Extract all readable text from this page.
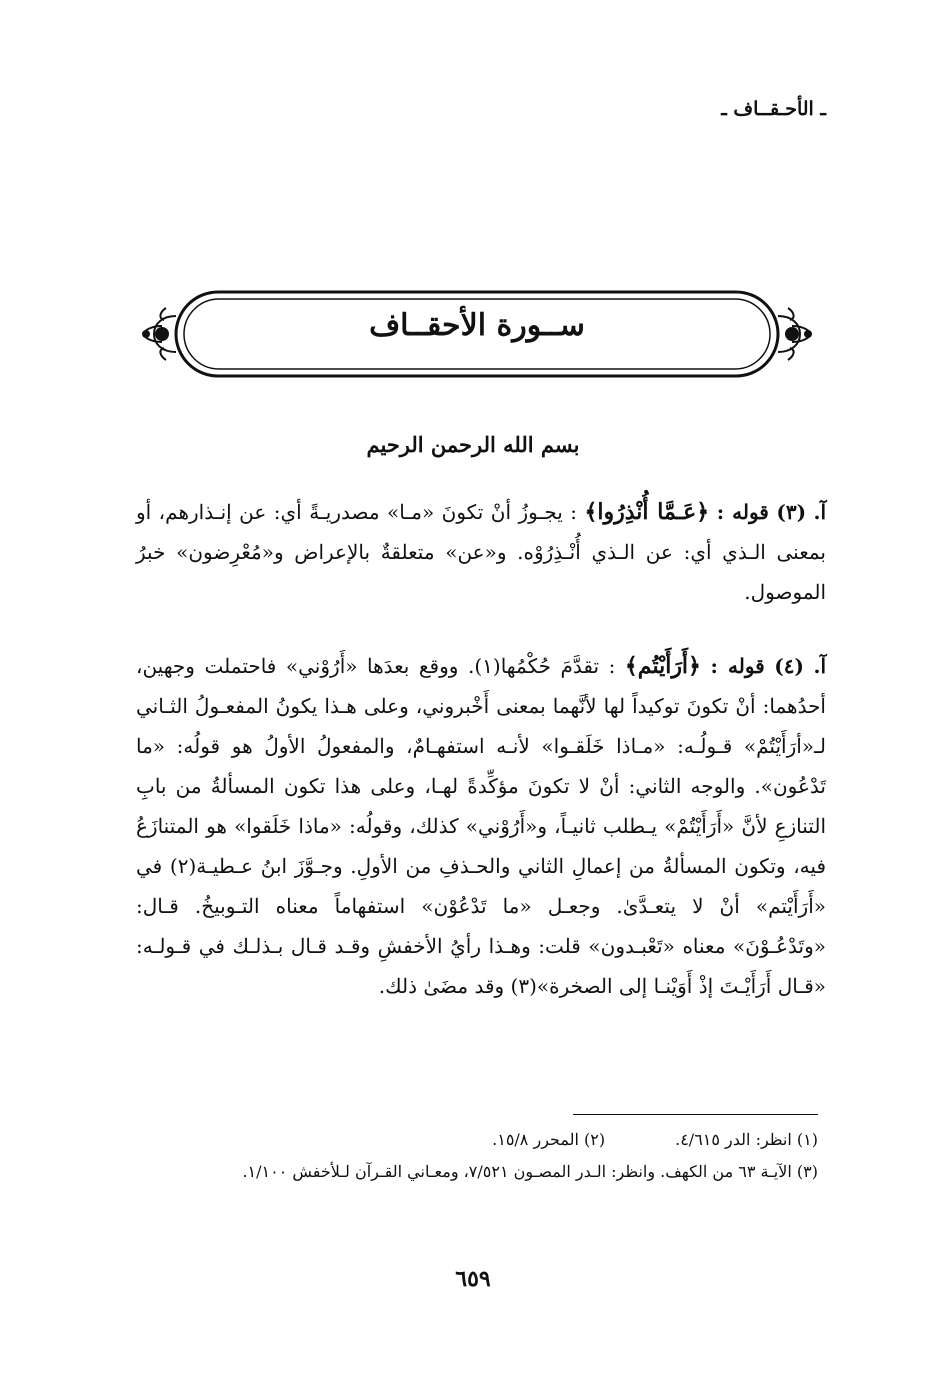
ـ الأحـقــاف ـ
ســورة الأحقــاف
بسم الله الرحمن الرحيم
آ. (٣) قوله : ﴿عَـمَّا أُنْذِرُوا﴾ : يجـوزُ أنْ تكونَ «مـا» مصدريـةً أي: عن إنـذارهم، أو بمعنى الـذي أي: عن الـذي أُنْـذِرُوْه. و«عن» متعلقةٌ بالإعراض و«مُعْرِضون» خبرُ الموصول.
آ. (٤) قوله : ﴿أَرَأَيْتُم﴾ : تقدَّمَ حُكْمُها(١). ووقع بعدَها «أَرُوْني» فاحتملت وجهين، أحدُهما: أنْ تكونَ توكيداً لها لأنَّهما بمعنى أَخْبروني، وعلى هـذا يكونُ المفعـولُ الثـاني لـ«أرَأَيْتُمْ» قـولُـه: «مـاذا خَلَقـوا» لأنـه استفهـامٌ، والمفعولُ الأولُ هو قولُه: «ما تَدْعُون». والوجه الثاني: أنْ لا تكونَ مؤكِّدةً لهـا، وعلى هذا تكون المسألةُ من بابِ التنازعِ لأنَّ «أَرَأَيْتُمْ» يـطلب ثانيـاً، و«أَرُوْني» كذلك، وقولُه: «ماذا خَلَقوا» هو المتنازَعُ فيه، وتكون المسألةُ من إعمالِ الثاني والحـذفِ من الأولِ. وجـوَّزَ ابنُ عـطيـة(٢) في «أَرَأَيْتم» أنْ لا يتعـدَّىٰ. وجعـل «ما تَدْعُوْن» استفهاماً معناه التـوبيخُ. قـال: «وتَدْعُـوْنَ» معناه «تَعْبـدون» قلت: وهـذا رأيُ الأخفشِ وقـد قـال بـذلـك في قـولـه: «قـال أَرَأَيْـتَ إذْ أَوَيْنـا إلى الصخرة»(٣) وقد مضَىٰ ذلك.
(١) انظر: الدر ٤/٦١٥.
(٢) المحرر ١٥/٨.
(٣) الآيـة ٦٣ من الكهف. وانظر: الـدر المصـون ٧/٥٢١، ومعـاني القـرآن لـلأخفش ١/١٠٠.
٦٥٩
